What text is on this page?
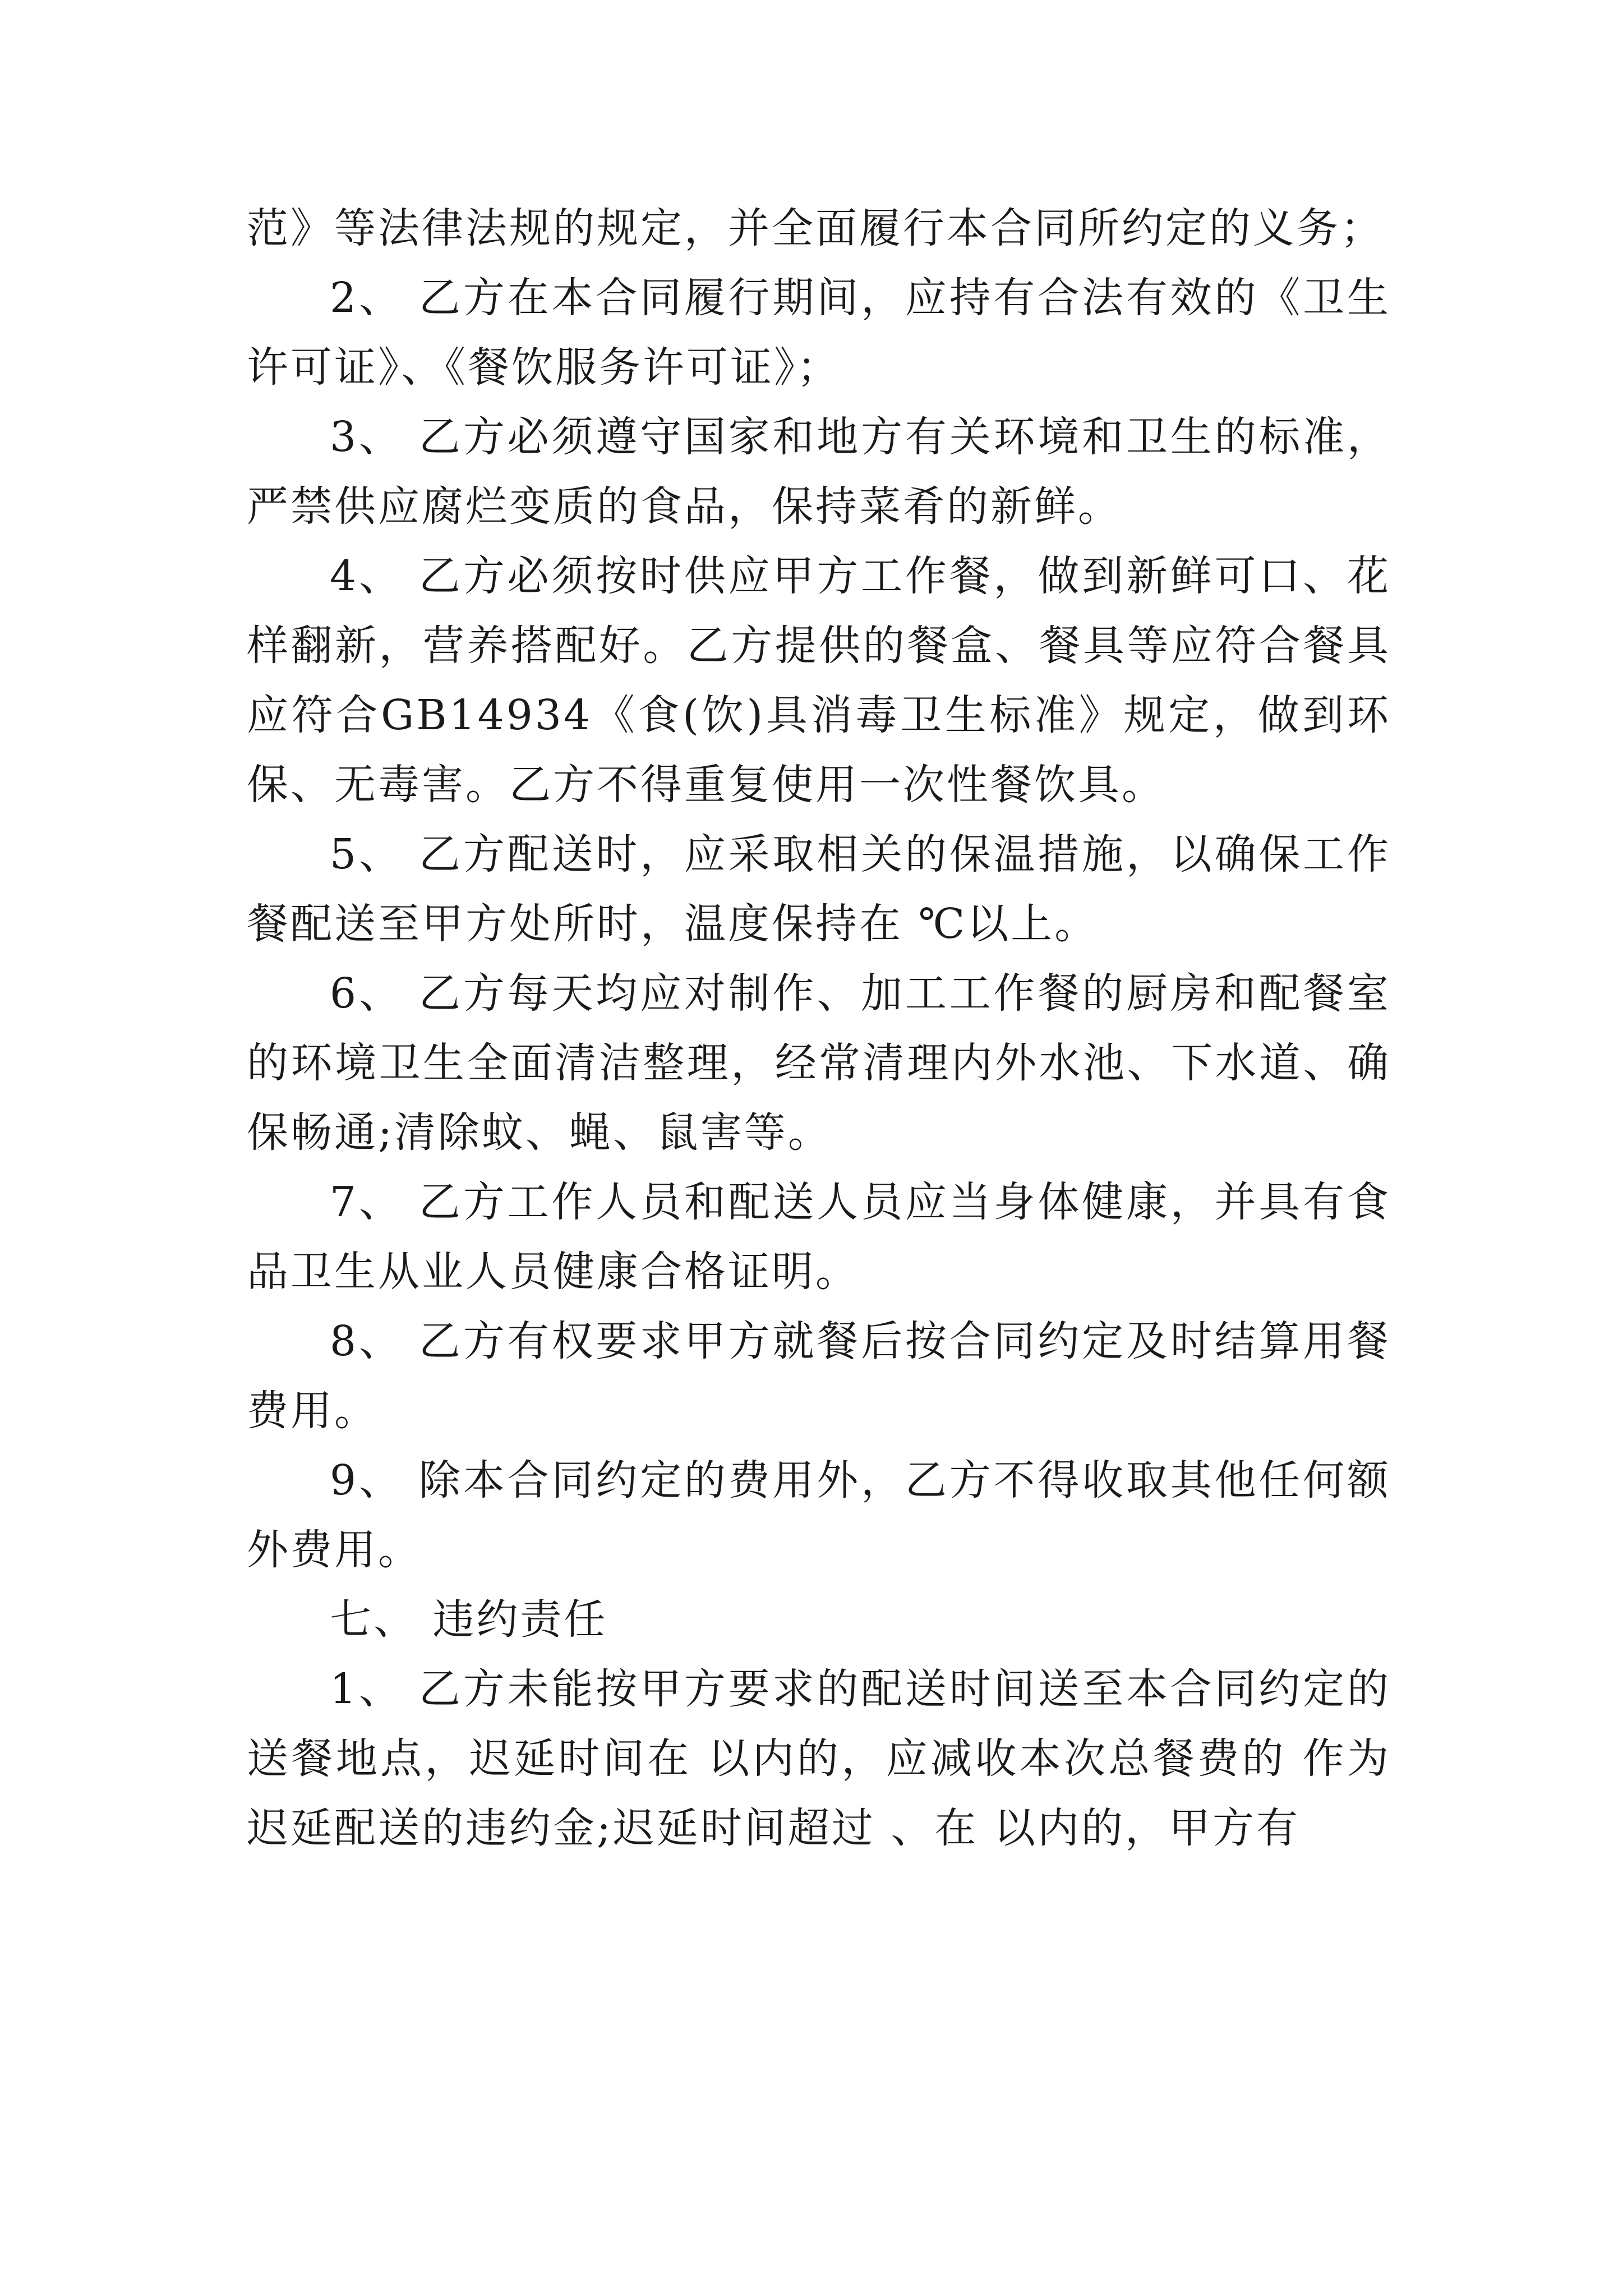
范》等法律法规的规定，并全面履行本合同所约定的义务；

2、 乙方在本合同履行期间，应持有合法有效的《卫生许可证》、《餐饮服务许可证》；

3、 乙方必须遵守国家和地方有关环境和卫生的标准，严禁供应腐烂变质的食品，保持菜肴的新鲜。

4、 乙方必须按时供应甲方工作餐，做到新鲜可口、花样翻新，营养搭配好。乙方提供的餐盒、餐具等应符合餐具应符合GB14934《食(饮)具消毒卫生标准》规定，做到环保、无毒害。乙方不得重复使用一次性餐饮具。

5、 乙方配送时，应采取相关的保温措施，以确保工作餐配送至甲方处所时，温度保持在 ℃以上。

6、 乙方每天均应对制作、加工工作餐的厨房和配餐室的环境卫生全面清洁整理，经常清理内外水池、下水道、确保畅通;清除蚊、蝇、鼠害等。

7、 乙方工作人员和配送人员应当身体健康，并具有食品卫生从业人员健康合格证明。

8、 乙方有权要求甲方就餐后按合同约定及时结算用餐费用。

9、 除本合同约定的费用外，乙方不得收取其他任何额外费用。

七、 违约责任

1、 乙方未能按甲方要求的配送时间送至本合同约定的送餐地点，迟延时间在 以内的，应减收本次总餐费的 作为迟延配送的违约金;迟延时间超过 、在 以内的，甲方有
